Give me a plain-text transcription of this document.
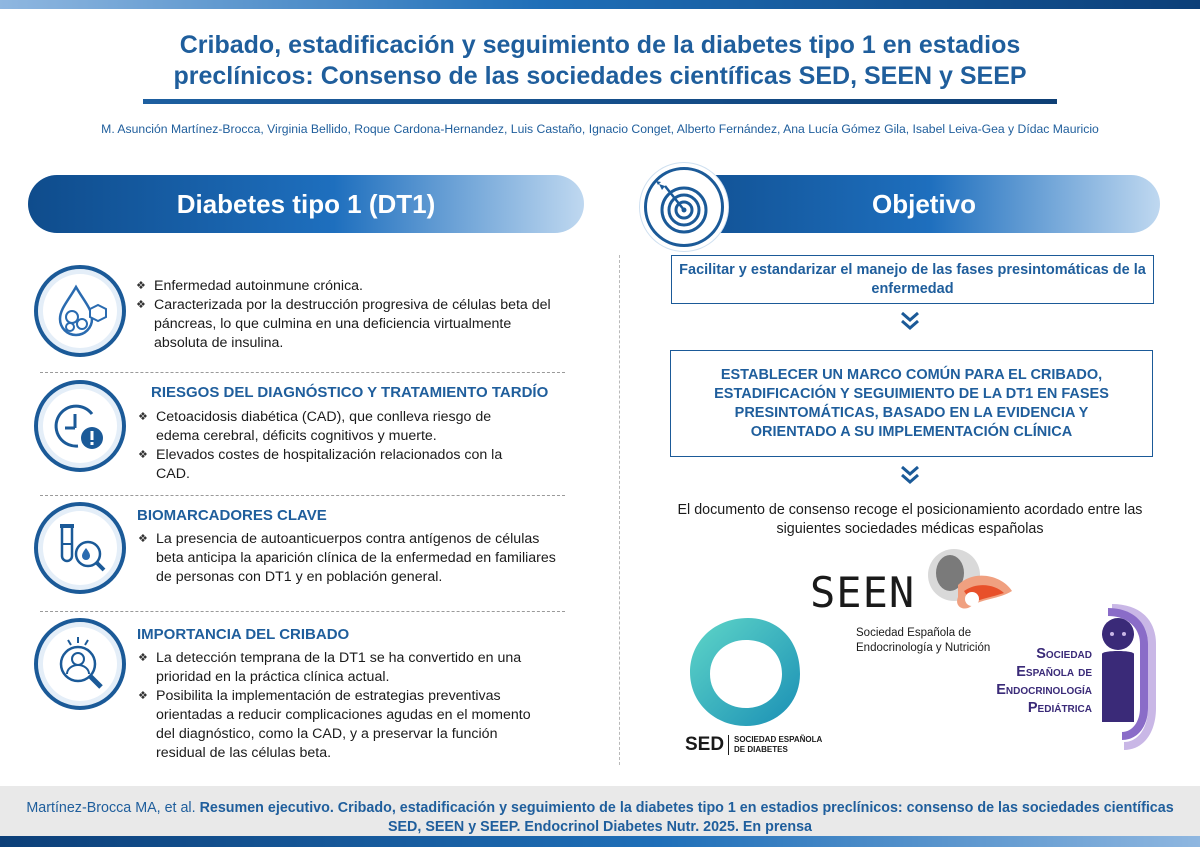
Cribado, estadificación y seguimiento de la diabetes tipo 1 en estadios
preclínicos: Consenso de las sociedades científicas SED, SEEN y SEEP
M. Asunción Martínez-Brocca, Virginia Bellido, Roque Cardona-Hernandez, Luis Castaño, Ignacio Conget, Alberto Fernández, Ana Lucía Gómez Gila, Isabel Leiva-Gea y Dídac Mauricio
Diabetes tipo 1 (DT1)
❖ Enfermedad autoinmune crónica.
❖ Caracterizada por la destrucción progresiva de células beta del páncreas, lo que culmina en una deficiencia virtualmente absoluta de insulina.
RIESGOS DEL DIAGNÓSTICO Y TRATAMIENTO TARDÍO
❖ Cetoacidosis diabética (CAD), que conlleva riesgo de edema cerebral, déficits cognitivos y muerte.
❖ Elevados costes de hospitalización relacionados con la CAD.
BIOMARCADORES CLAVE
❖ La presencia de autoanticuerpos contra antígenos de células beta anticipa la aparición clínica de la enfermedad en familiares de personas con DT1 y en población general.
IMPORTANCIA DEL CRIBADO
❖ La detección temprana de la DT1 se ha convertido en una prioridad en la práctica clínica actual.
❖ Posibilita la implementación de estrategias preventivas orientadas a reducir complicaciones agudas en el momento del diagnóstico, como la CAD, y a preservar la función residual de las células beta.
Objetivo
Facilitar y estandarizar el manejo de las fases presintomáticas de la enfermedad
ESTABLECER UN MARCO COMÚN PARA EL CRIBADO, ESTADIFICACIÓN Y SEGUIMIENTO DE LA DT1 EN FASES PRESINTOMÁTICAS, BASADO EN LA EVIDENCIA Y ORIENTADO A SU IMPLEMENTACIÓN CLÍNICA
El documento de consenso recoge el posicionamiento acordado entre las siguientes sociedades médicas españolas
SEEN
Sociedad Española de
Endocrinología y Nutrición
SED SOCIEDAD ESPAÑOLA
DE DIABETES
Sociedad
Española de
Endocrinología
Pediátrica
Martínez-Brocca MA, et al. Resumen ejecutivo. Cribado, estadificación y seguimiento de la diabetes tipo 1 en estadios preclínicos: consenso de las sociedades científicas SED, SEEN y SEEP. Endocrinol Diabetes Nutr. 2025. En prensa
